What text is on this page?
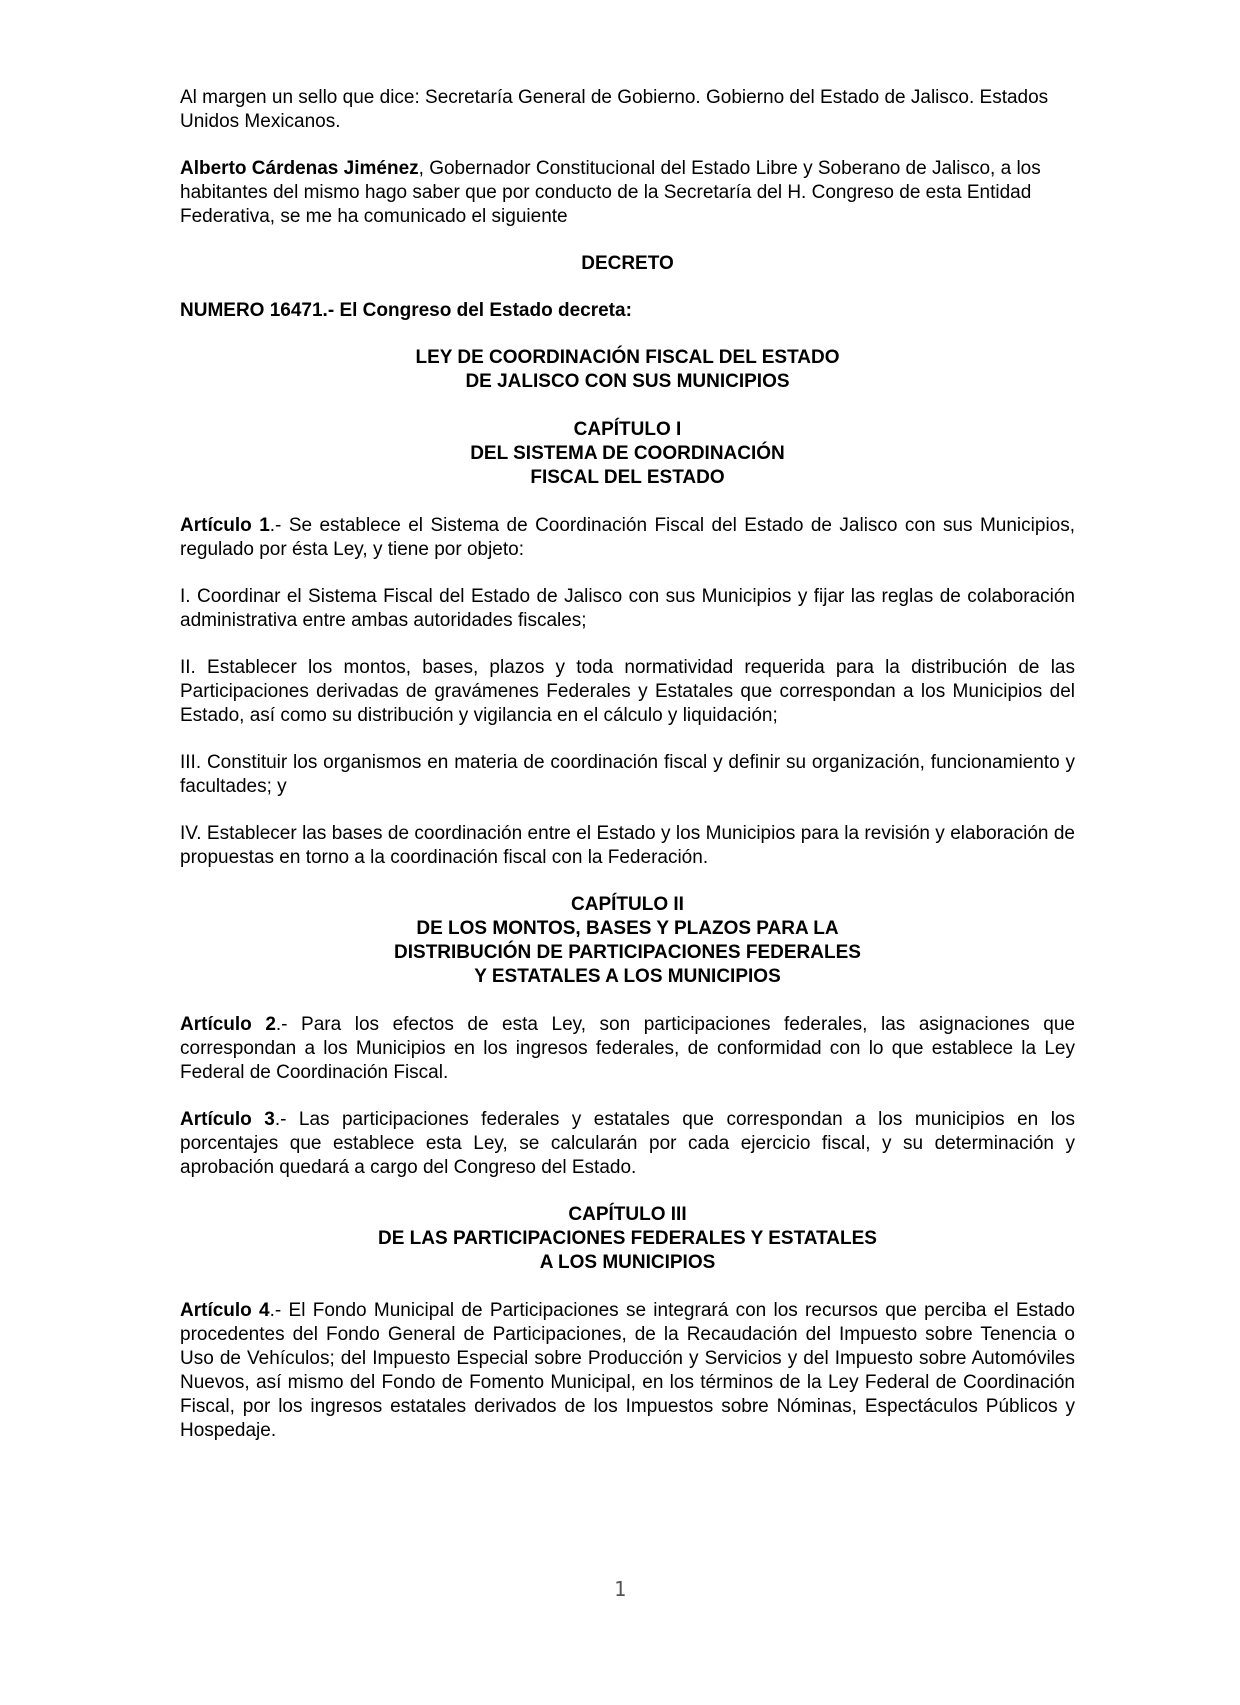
Al margen un sello que dice: Secretaría General de Gobierno. Gobierno del Estado de Jalisco. Estados Unidos Mexicanos.

Alberto Cárdenas Jiménez, Gobernador Constitucional del Estado Libre y Soberano de Jalisco, a los habitantes del mismo hago saber que por conducto de la Secretaría del H. Congreso de esta Entidad Federativa, se me ha comunicado el siguiente

DECRETO

NUMERO 16471.- El Congreso del Estado decreta:

LEY DE COORDINACIÓN FISCAL DEL ESTADO
DE JALISCO CON SUS MUNICIPIOS
CAPÍTULO I
DEL SISTEMA DE COORDINACIÓN
FISCAL DEL ESTADO

Artículo 1.- Se establece el Sistema de Coordinación Fiscal del Estado de Jalisco con sus Municipios, regulado por ésta Ley, y tiene por objeto:

I. Coordinar el Sistema Fiscal del Estado de Jalisco con sus Municipios y fijar las reglas de colaboración administrativa entre ambas autoridades fiscales;

II. Establecer los montos, bases, plazos y toda normatividad requerida para la distribución de las Participaciones derivadas de gravámenes Federales y Estatales que correspondan a los Municipios del Estado, así como su distribución y vigilancia en el cálculo y liquidación;

III. Constituir los organismos en materia de coordinación fiscal y definir su organización, funcionamiento y facultades; y

IV. Establecer las bases de coordinación entre el Estado y los Municipios para la revisión y elaboración de propuestas en torno a la coordinación fiscal con la Federación.

CAPÍTULO II
DE LOS MONTOS, BASES Y PLAZOS PARA LA
DISTRIBUCIÓN DE PARTICIPACIONES FEDERALES
Y ESTATALES A LOS MUNICIPIOS

Artículo 2.- Para los efectos de esta Ley, son participaciones federales, las asignaciones que correspondan a los Municipios en los ingresos federales, de conformidad con lo que establece la Ley Federal de Coordinación Fiscal.

Artículo 3.- Las participaciones federales y estatales que correspondan a los municipios en los porcentajes que establece esta Ley, se calcularán por cada ejercicio fiscal, y su determinación y aprobación quedará a cargo del Congreso del Estado.

CAPÍTULO III
DE LAS PARTICIPACIONES FEDERALES Y ESTATALES
A LOS MUNICIPIOS

Artículo 4.- El Fondo Municipal de Participaciones se integrará con los recursos que perciba el Estado procedentes del Fondo General de Participaciones, de la Recaudación del Impuesto sobre Tenencia o Uso de Vehículos; del Impuesto Especial sobre Producción y Servicios y del Impuesto sobre Automóviles Nuevos, así mismo del Fondo de Fomento Municipal, en los términos de la Ley Federal de Coordinación Fiscal, por los ingresos estatales derivados de los Impuestos sobre Nóminas, Espectáculos Públicos y Hospedaje.

1
